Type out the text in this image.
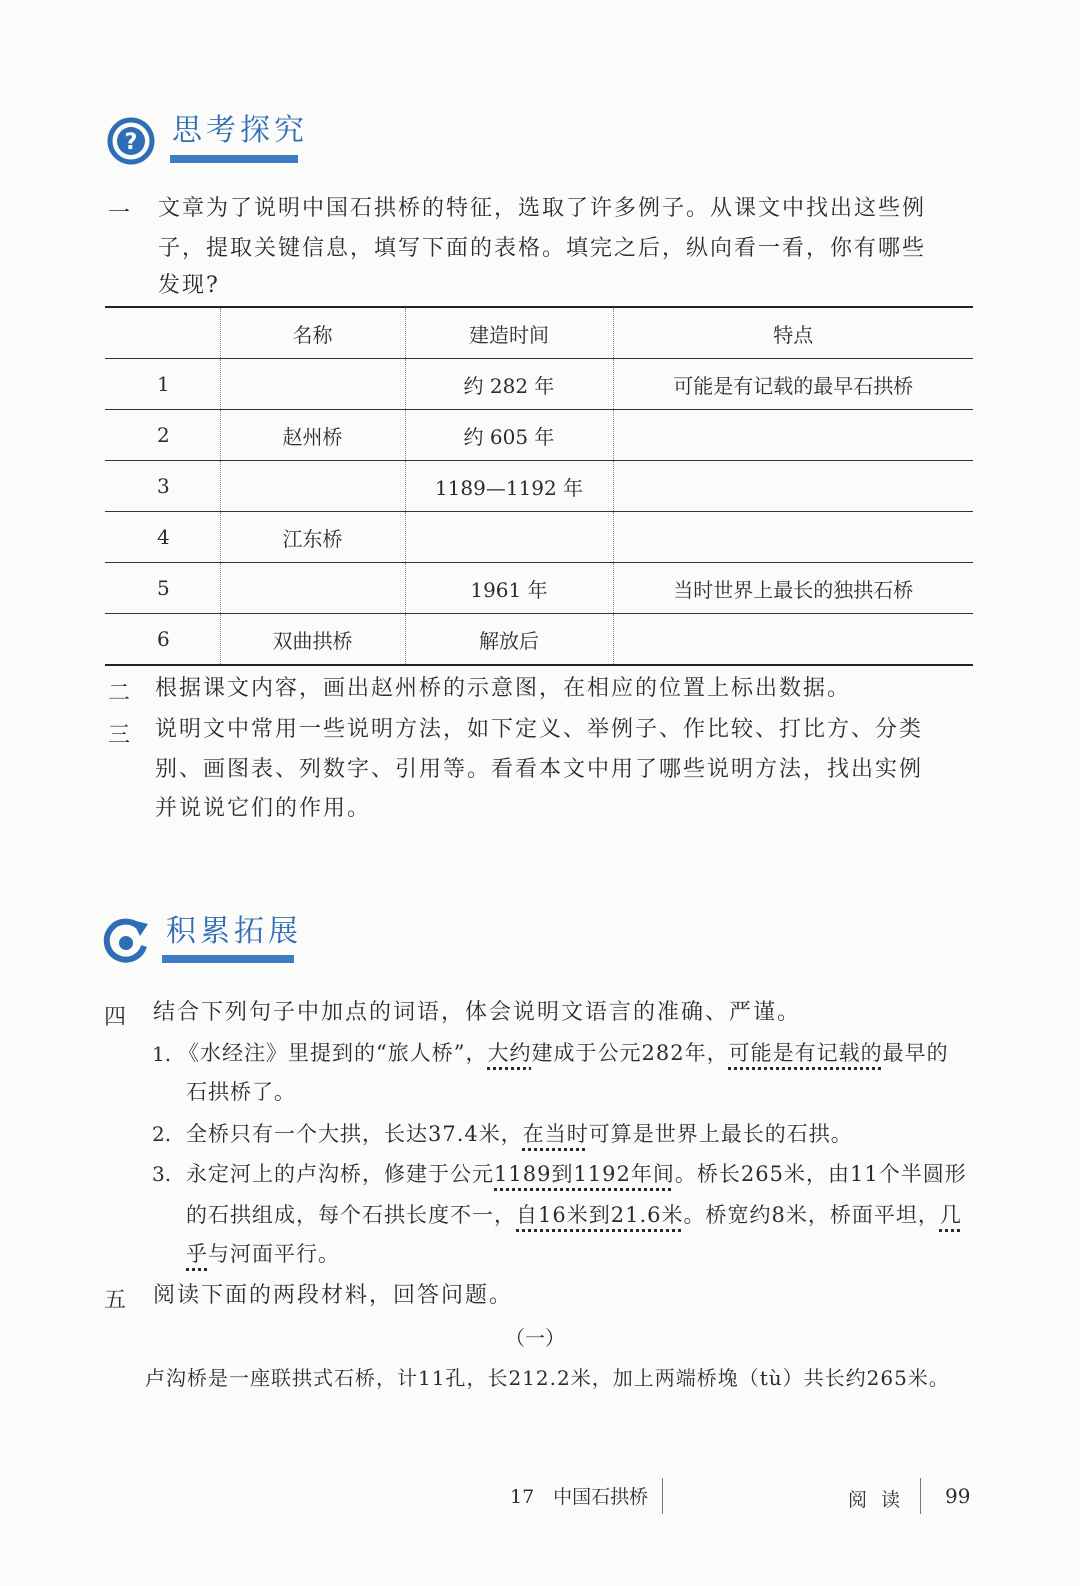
? 思考探究
一	文章为了说明中国石拱桥的特征，选取了许多例子。从课文中找出这些例
子，提取关键信息，填写下面的表格。填完之后，纵向看一看，你有哪些
发现?
	名称	建造时间	特点
1		约 282 年	可能是有记载的最早石拱桥
2	赵州桥	约 605 年	
3		1189—1192 年	
4	江东桥		
5		1961 年	当时世界上最长的独拱石桥
6	双曲拱桥	解放后	
二	根据课文内容，画出赵州桥的示意图，在相应的位置上标出数据。
三	说明文中常用一些说明方法，如下定义、举例子、作比较、打比方、分类
别、画图表、列数字、引用等。看看本文中用了哪些说明方法，找出实例
并说说它们的作用。
积累拓展
四	结合下列句子中加点的词语，体会说明文语言的准确、严谨。
1. 《水经注》里提到的“旅人桥”，大约建成于公元282年，可能是有记载的最早的
石拱桥了。
2. 全桥只有一个大拱，长达37.4米，在当时可算是世界上最长的石拱。
3. 永定河上的卢沟桥，修建于公元1189到1192年间。桥长265米，由11个半圆形
的石拱组成，每个石拱长度不一，自16米到21.6米。桥宽约8米，桥面平坦，几
乎与河面平行。
五	阅读下面的两段材料，回答问题。
（一）
卢沟桥是一座联拱式石桥，计11孔，长212.2米，加上两端桥堍（tù）共长约265米。
17　中国石拱桥	阅 读 99
